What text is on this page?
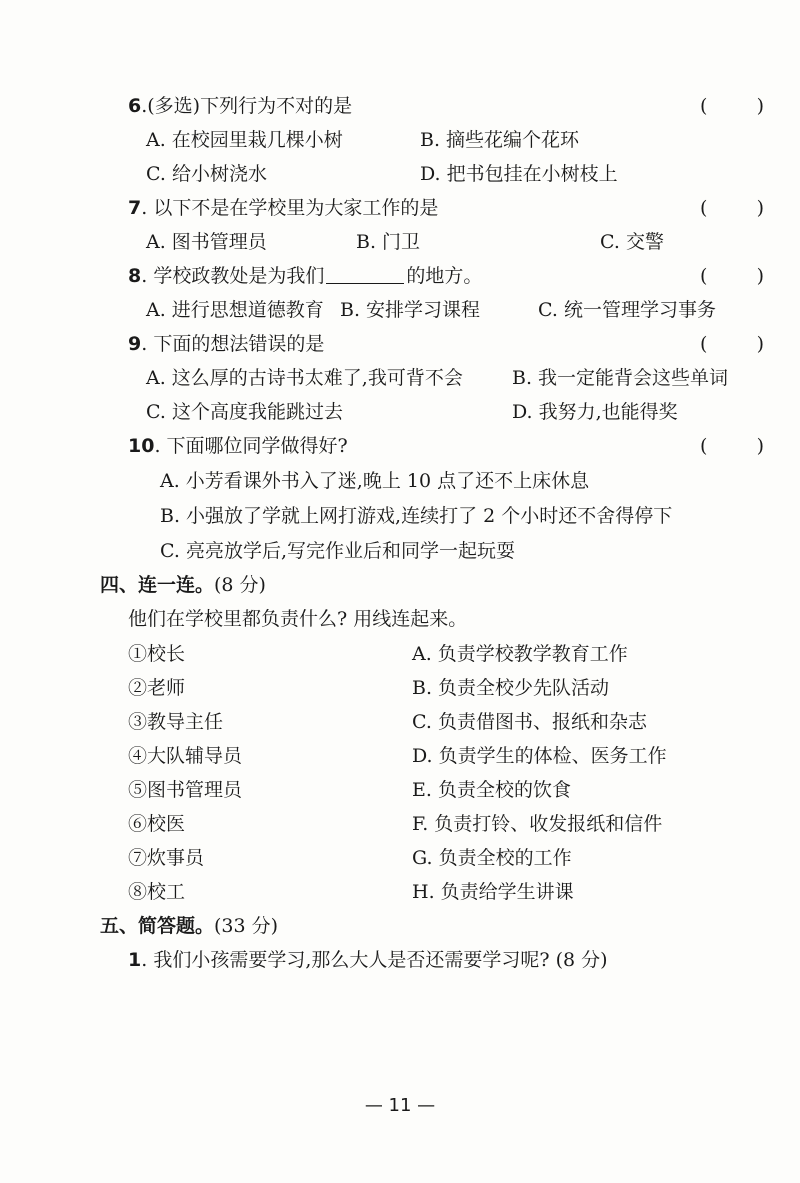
6.(多选)下列行为不对的是	(	)
A. 在校园里栽几棵小树	B. 摘些花编个花环
C. 给小树浇水	D. 把书包挂在小树枝上
7. 以下不是在学校里为大家工作的是	(	)
A. 图书管理员	B. 门卫	C. 交警
8. 学校政教处是为我们	的地方。	(	)
A. 进行思想道德教育 B. 安排学习课程	C. 统一管理学习事务
9. 下面的想法错误的是	(	)
A. 这么厚的古诗书太难了,我可背不会	B. 我一定能背会这些单词
C. 这个高度我能跳过去	D. 我努力,也能得奖
10. 下面哪位同学做得好?	(	)
A. 小芳看课外书入了迷,晚上 10 点了还不上床休息
B. 小强放了学就上网打游戏,连续打了 2 个小时还不舍得停下
C. 亮亮放学后,写完作业后和同学一起玩耍
四、连一连。(8 分)
他们在学校里都负责什么? 用线连起来。
①校长	A. 负责学校教学教育工作
②老师	B. 负责全校少先队活动
③教导主任	C. 负责借图书、报纸和杂志
④大队辅导员	D. 负责学生的体检、医务工作
⑤图书管理员	E. 负责全校的饮食
⑥校医	F. 负责打铃、收发报纸和信件
⑦炊事员	G. 负责全校的工作
⑧校工	H. 负责给学生讲课
五、简答题。(33 分)
1. 我们小孩需要学习,那么大人是否还需要学习呢? (8 分)
— 11 —
